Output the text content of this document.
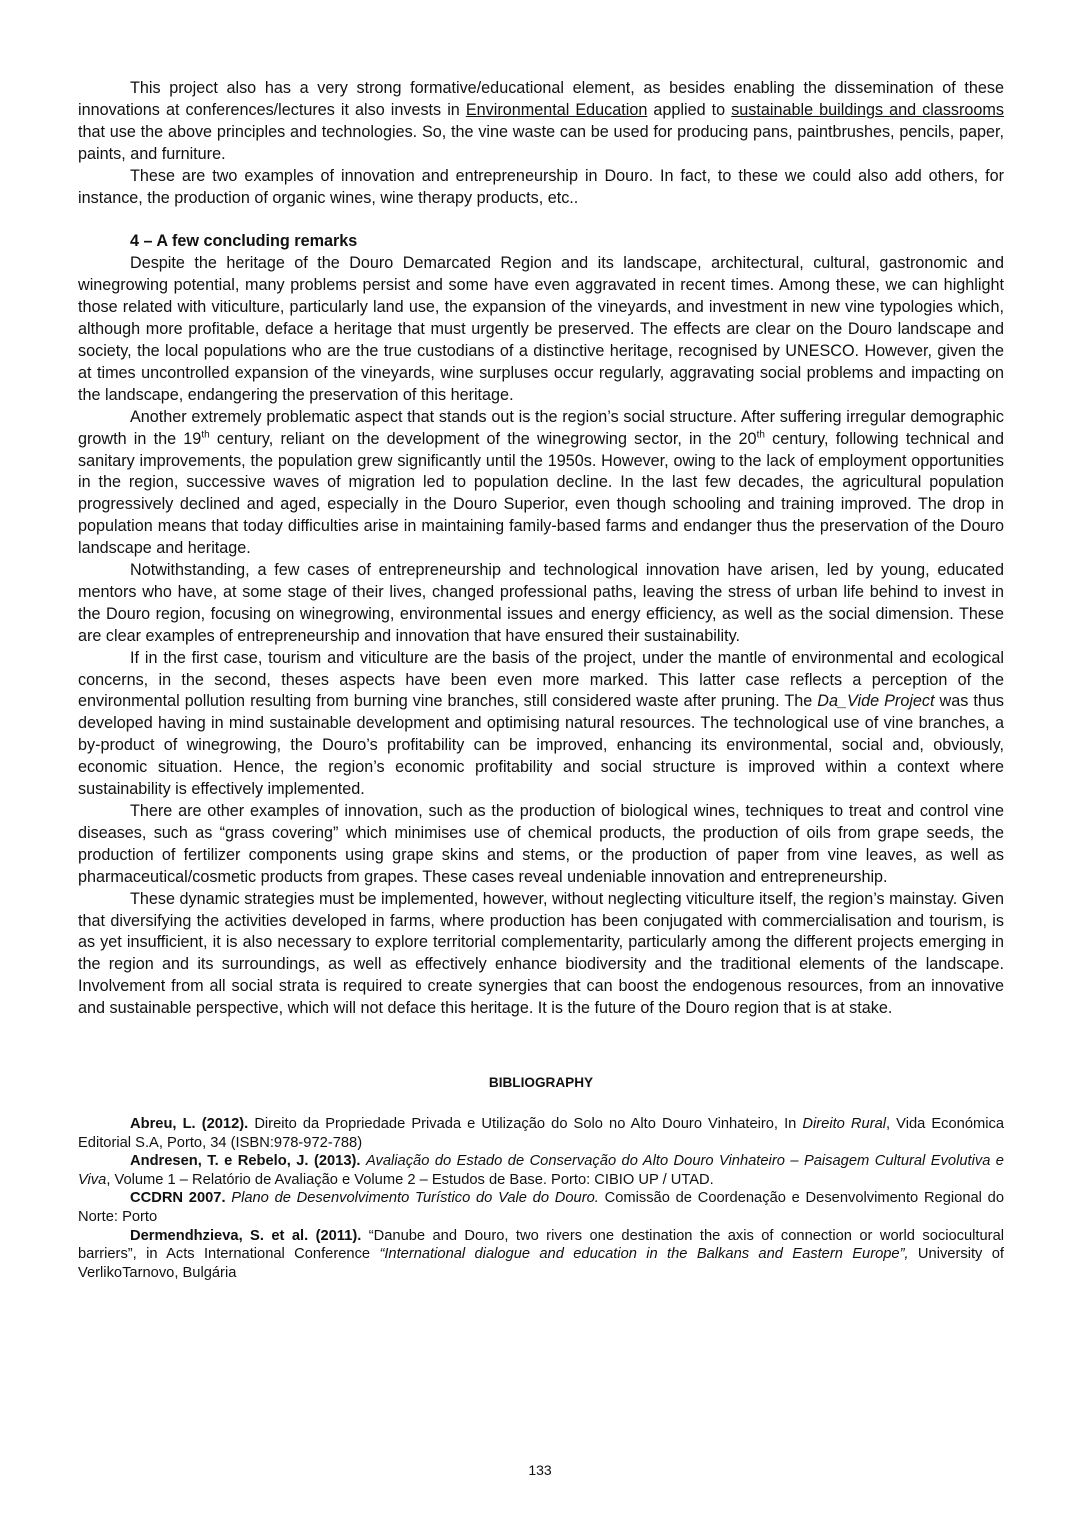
This project also has a very strong formative/educational element, as besides enabling the dissemination of these innovations at conferences/lectures it also invests in Environmental Education applied to sustainable buildings and classrooms that use the above principles and technologies. So, the vine waste can be used for producing pans, paintbrushes, pencils, paper, paints, and furniture.

These are two examples of innovation and entrepreneurship in Douro. In fact, to these we could also add others, for instance, the production of organic wines, wine therapy products, etc..

4 – A few concluding remarks

Despite the heritage of the Douro Demarcated Region and its landscape, architectural, cultural, gastronomic and winegrowing potential, many problems persist and some have even aggravated in recent times. Among these, we can highlight those related with viticulture, particularly land use, the expansion of the vineyards, and investment in new vine typologies which, although more profitable, deface a heritage that must urgently be preserved. The effects are clear on the Douro landscape and society, the local populations who are the true custodians of a distinctive heritage, recognised by UNESCO. However, given the at times uncontrolled expansion of the vineyards, wine surpluses occur regularly, aggravating social problems and impacting on the landscape, endangering the preservation of this heritage.

Another extremely problematic aspect that stands out is the region’s social structure. After suffering irregular demographic growth in the 19th century, reliant on the development of the winegrowing sector, in the 20th century, following technical and sanitary improvements, the population grew significantly until the 1950s. However, owing to the lack of employment opportunities in the region, successive waves of migration led to population decline. In the last few decades, the agricultural population progressively declined and aged, especially in the Douro Superior, even though schooling and training improved. The drop in population means that today difficulties arise in maintaining family-based farms and endanger thus the preservation of the Douro landscape and heritage.

Notwithstanding, a few cases of entrepreneurship and technological innovation have arisen, led by young, educated mentors who have, at some stage of their lives, changed professional paths, leaving the stress of urban life behind to invest in the Douro region, focusing on winegrowing, environmental issues and energy efficiency, as well as the social dimension. These are clear examples of entrepreneurship and innovation that have ensured their sustainability.

If in the first case, tourism and viticulture are the basis of the project, under the mantle of environmental and ecological concerns, in the second, theses aspects have been even more marked. This latter case reflects a perception of the environmental pollution resulting from burning vine branches, still considered waste after pruning. The Da_Vide Project was thus developed having in mind sustainable development and optimising natural resources. The technological use of vine branches, a by-product of winegrowing, the Douro’s profitability can be improved, enhancing its environmental, social and, obviously, economic situation. Hence, the region’s economic profitability and social structure is improved within a context where sustainability is effectively implemented.

There are other examples of innovation, such as the production of biological wines, techniques to treat and control vine diseases, such as “grass covering” which minimises use of chemical products, the production of oils from grape seeds, the production of fertilizer components using grape skins and stems, or the production of paper from vine leaves, as well as pharmaceutical/cosmetic products from grapes. These cases reveal undeniable innovation and entrepreneurship.

These dynamic strategies must be implemented, however, without neglecting viticulture itself, the region’s mainstay. Given that diversifying the activities developed in farms, where production has been conjugated with commercialisation and tourism, is as yet insufficient, it is also necessary to explore territorial complementarity, particularly among the different projects emerging in the region and its surroundings, as well as effectively enhance biodiversity and the traditional elements of the landscape. Involvement from all social strata is required to create synergies that can boost the endogenous resources, from an innovative and sustainable perspective, which will not deface this heritage. It is the future of the Douro region that is at stake.

BIBLIOGRAPHY

Abreu, L. (2012). Direito da Propriedade Privada e Utilização do Solo no Alto Douro Vinhateiro, In Direito Rural, Vida Económica Editorial S.A, Porto, 34 (ISBN:978-972-788)

Andresen, T. e Rebelo, J. (2013). Avaliação do Estado de Conservação do Alto Douro Vinhateiro – Paisagem Cultural Evolutiva e Viva, Volume 1 – Relatório de Avaliação e Volume 2 – Estudos de Base. Porto: CIBIO UP / UTAD.

CCDRN 2007. Plano de Desenvolvimento Turístico do Vale do Douro. Comissão de Coordenação e Desenvolvimento Regional do Norte: Porto

Dermendhzieva, S. et al. (2011). “Danube and Douro, two rivers one destination the axis of connection or world sociocultural barriers”, in Acts International Conference “International dialogue and education in the Balkans and Eastern Europe”, University of VerlikoTarnovo, Bulgária

133
